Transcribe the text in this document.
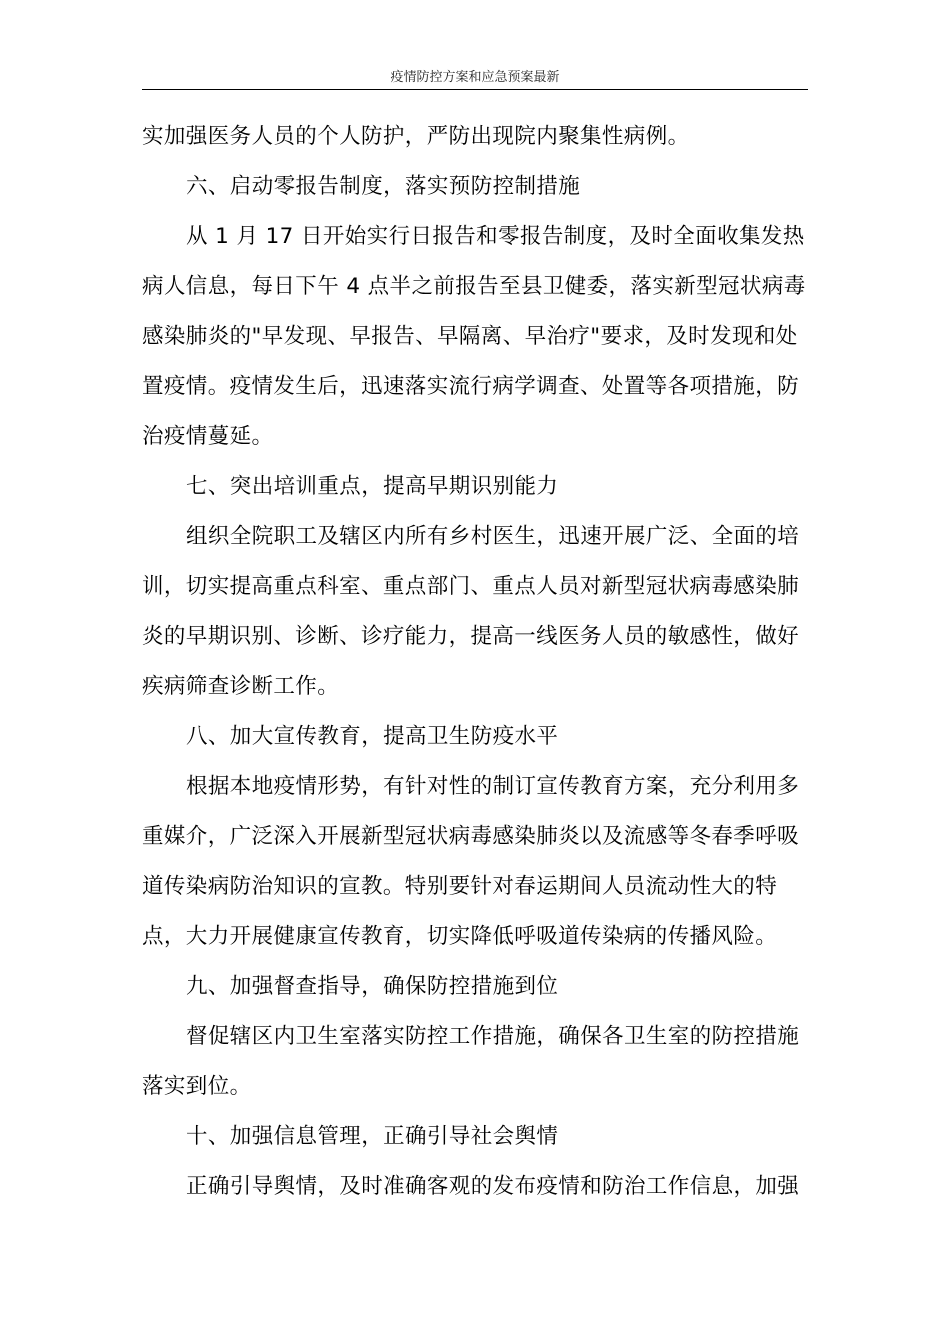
疫情防控方案和应急预案最新
实加强医务人员的个人防护，严防出现院内聚集性病例。
六、启动零报告制度，落实预防控制措施
从 1 月 17 日开始实行日报告和零报告制度，及时全面收集发热
病人信息，每日下午 4 点半之前报告至县卫健委，落实新型冠状病毒
感染肺炎的"早发现、早报告、早隔离、早治疗"要求，及时发现和处
置疫情。疫情发生后，迅速落实流行病学调查、处置等各项措施，防
治疫情蔓延。
七、突出培训重点，提高早期识别能力
组织全院职工及辖区内所有乡村医生，迅速开展广泛、全面的培
训，切实提高重点科室、重点部门、重点人员对新型冠状病毒感染肺
炎的早期识别、诊断、诊疗能力，提高一线医务人员的敏感性，做好
疾病筛查诊断工作。
八、加大宣传教育，提高卫生防疫水平
根据本地疫情形势，有针对性的制订宣传教育方案，充分利用多
重媒介，广泛深入开展新型冠状病毒感染肺炎以及流感等冬春季呼吸
道传染病防治知识的宣教。特别要针对春运期间人员流动性大的特
点，大力开展健康宣传教育，切实降低呼吸道传染病的传播风险。
九、加强督查指导，确保防控措施到位
督促辖区内卫生室落实防控工作措施，确保各卫生室的防控措施
落实到位。
十、加强信息管理，正确引导社会舆情
正确引导舆情，及时准确客观的发布疫情和防治工作信息，加强
